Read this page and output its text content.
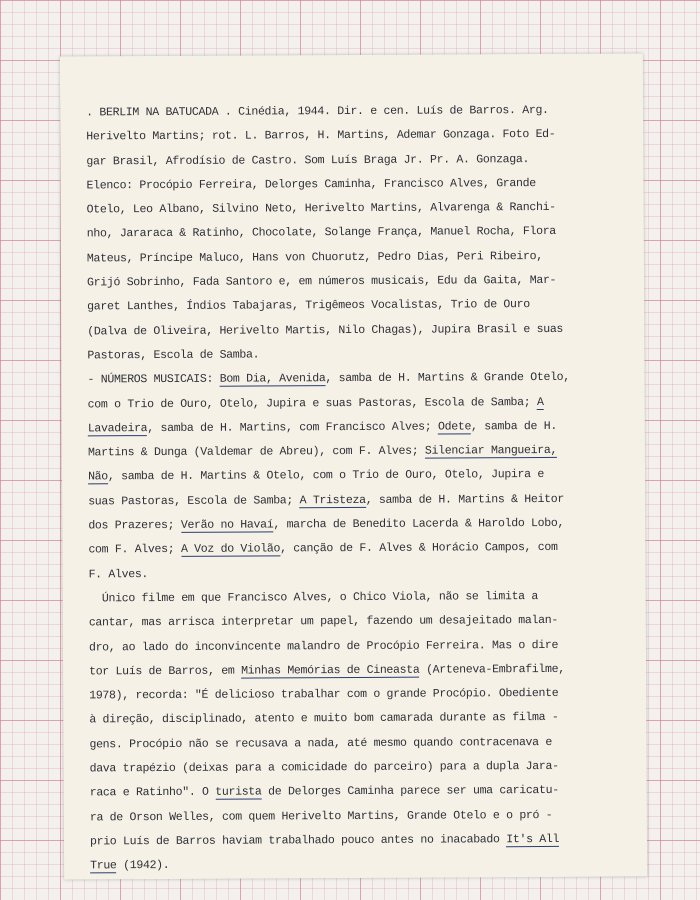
. BERLIM NA BATUCADA . Cinédia, 1944. Dir. e cen. Luís de Barros. Arg.
Herivelto Martins; rot. L. Barros, H. Martins, Ademar Gonzaga. Foto Ed-
gar Brasil, Afrodísio de Castro. Som Luís Braga Jr. Pr. A. Gonzaga.
Elenco: Procópio Ferreira, Delorges Caminha, Francisco Alves, Grande
Otelo, Leo Albano, Silvino Neto, Herivelto Martins, Alvarenga & Ranchi-
nho, Jararaca & Ratinho, Chocolate, Solange França, Manuel Rocha, Flora
Mateus, Príncipe Maluco, Hans von Chuorutz, Pedro Dias, Peri Ribeiro,
Grijó Sobrinho, Fada Santoro e, em números musicais, Edu da Gaita, Mar-
garet Lanthes, Índios Tabajaras, Trigêmeos Vocalistas, Trio de Ouro
(Dalva de Oliveira, Herivelto Martis, Nilo Chagas), Jupira Brasil e suas
Pastoras, Escola de Samba.
- NÚMEROS MUSICAIS: Bom Dia, Avenida, samba de H. Martins & Grande Otelo,
com o Trio de Ouro, Otelo, Jupira e suas Pastoras, Escola de Samba; A
Lavadeira, samba de H. Martins, com Francisco Alves; Odete, samba de H.
Martins & Dunga (Valdemar de Abreu), com F. Alves; Silenciar Mangueira,
Não, samba de H. Martins & Otelo, com o Trio de Ouro, Otelo, Jupira e
suas Pastoras, Escola de Samba; A Tristeza, samba de H. Martins & Heitor
dos Prazeres; Verão no Havaí, marcha de Benedito Lacerda & Haroldo Lobo,
com F. Alves; A Voz do Violão, canção de F. Alves & Horácio Campos, com
F. Alves.
Único filme em que Francisco Alves, o Chico Viola, não se limita a
cantar, mas arrisca interpretar um papel, fazendo um desajeitado malan-
dro, ao lado do inconvincente malandro de Procópio Ferreira. Mas o dire
tor Luís de Barros, em Minhas Memórias de Cineasta (Arteneva-Embrafilme,
1978), recorda: "É delicioso trabalhar com o grande Procópio. Obediente
à direção, disciplinado, atento e muito bom camarada durante as filma -
gens. Procópio não se recusava a nada, até mesmo quando contracenava e
dava trapézio (deixas para a comicidade do parceiro) para a dupla Jara-
raca e Ratinho". O turista de Delorges Caminha parece ser uma caricatu-
ra de Orson Welles, com quem Herivelto Martins, Grande Otelo e o pró -
prio Luís de Barros haviam trabalhado pouco antes no inacabado It's All
True (1942).
